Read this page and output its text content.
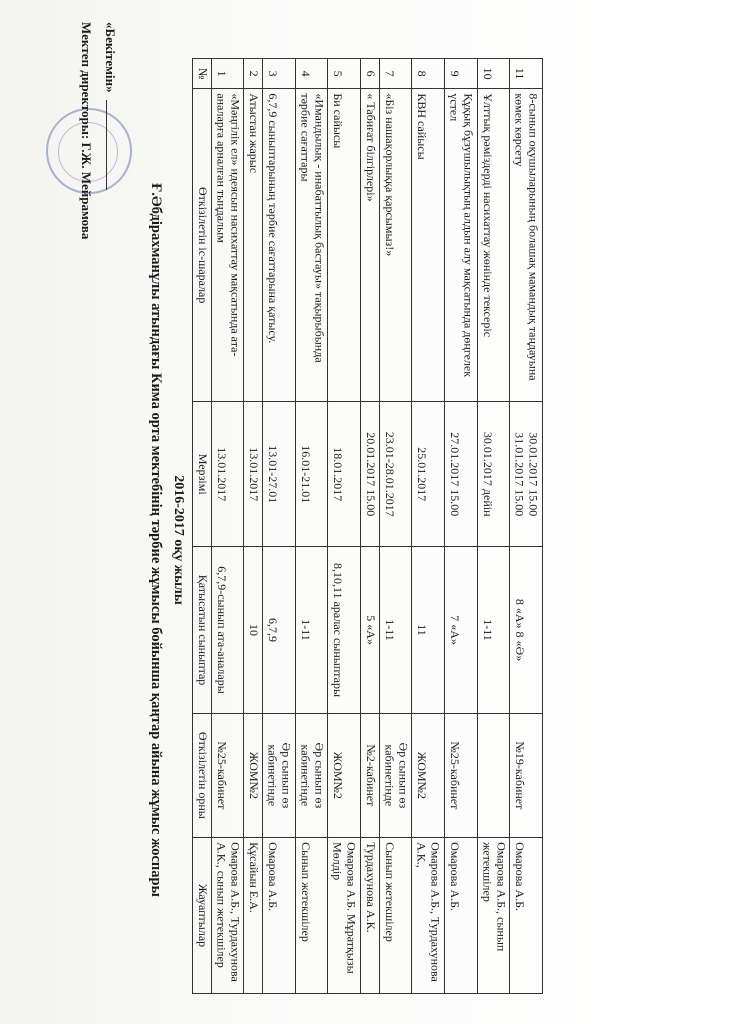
«Бекітемін»
Мектеп директоры: Г.Ж. Мейрамова	Ғ.Әбдірахманұлы атындағы Кима орта мектебінің тәрбие жұмысы бойынша қаңтар айына жұмыс жоспары 2016-2017 оқу жылы
№	Өткізілетін іс-шаралар	Мерзімі	Қатысатын сыныптар	Өткізілетін орны	Жауаптылар

1	«Мәңгілік ел» идеясын насихаттау мақсатында ата-аналарға арналған тыңдалым	13.01.2017	6,7,9-сынып ата-аналары	№25-кабинет	Омарова А.Б., Турдахунова А.К., сынып жетекшілер

2	Атыстан жарыс	13.01.2017	10	ЖОМ№2	Құсайын Е.А.

3	6,7,9 сыныптарының тәрбие сағаттарына қатысу.	13.01-27.01	6,7,9	Әр сынып өз кабинетінде	Омарова А.Б.

4	«Имандылық - инабаттылық бастауы» тақырыбында тәрбие сағаттары	16.01-21.01	1-11	Әр сынып өз кабинетінде	Сынып жетекшілер

5	Би сайысы	18.01.2017	8,10,11 аралас сыныптары	ЖОМ№2	Омарова А.Б. Мұратқызы Мөлдір

6	« Табиғат білгірлері»	20.01.2017 15.00	5 «А»	№2-кабинет	Турдахунова А.К.

7	«Біз нашақорлыққа қарсымыз!»	23.01-28.01.2017	1-11	Әр сынып өз кабинетінде	Сынып жетекшілер

8	КВН сайысы	25.01.2017	11	ЖОМ№2	Омарова А.Б., Турдахунова А.К.,

9	Құқық бұзушылықтың алдын алу мақсатында дөңгелек үстел	27.01.2017 15.00	7 «А»	№25-кабинет	Омарова А.Б.

10	Ұлттық рәміздерді насихаттау жөнінде тексеріс	30.01.2017 дейін	1-11		Омарова А.Б., сынып жетекшілер

11	8-сынып оқушыларының болашақ мамандық таңдауына көмек көрсету	30.01.2017 15.00 31.01.2017 15.00	8 «А» 8 «Ә»	№19-кабинет	Омарова А.Б.
